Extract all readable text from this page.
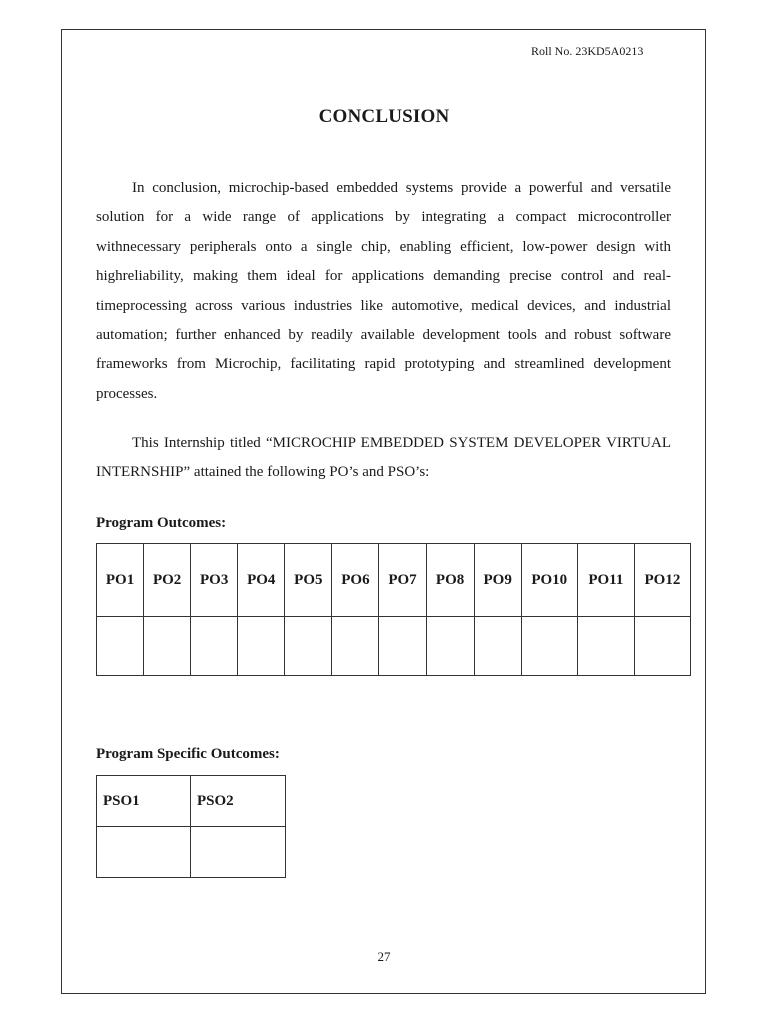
Roll No. 23KD5A0213
CONCLUSION

In conclusion, microchip-based embedded systems provide a powerful and versatile solution for a wide range of applications by integrating a compact microcontroller withnecessary peripherals onto a single chip, enabling efficient, low-power design with highreliability, making them ideal for applications demanding precise control and real-timeprocessing across various industries like automotive, medical devices, and industrial automation; further enhanced by readily available development tools and robust software frameworks from Microchip, facilitating rapid prototyping and streamlined development processes.

This Internship titled “MICROCHIP EMBEDDED SYSTEM DEVELOPER VIRTUAL INTERNSHIP” attained the following PO’s and PSO’s:

Program Outcomes:
PO1	PO2	PO3	PO4	PO5	PO6	PO7	PO8	PO9	PO10	PO11	PO12

Program Specific Outcomes:
PSO1	PSO2

27
